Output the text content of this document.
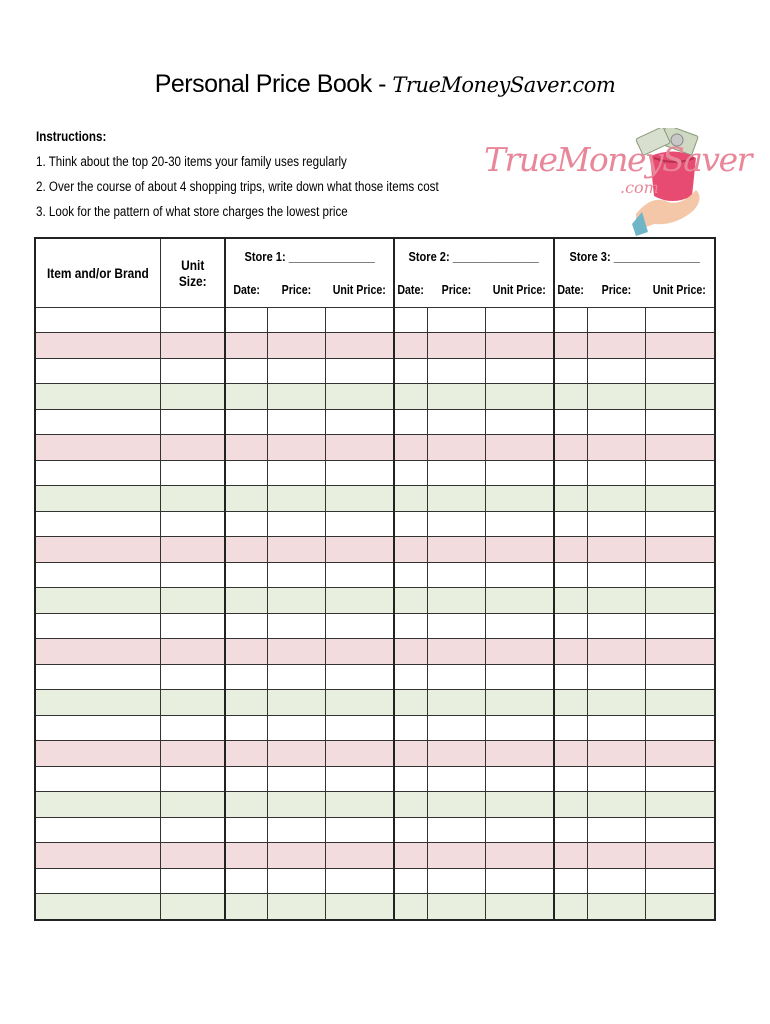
Personal Price Book - TrueMoneySaver.com
Instructions:
1. Think about the top 20-30 items your family uses regularly
2. Over the course of about 4 shopping trips, write down what those items cost
3. Look for the pattern of what store charges the lowest price
TrueMoneySaver
.com
Item and/or Brand	Unit Size:	Store 1: ______________			Store 2: ______________			Store 3: ______________		
		Date:	Price:	Unit Price:	Date:	Price:	Unit Price:	Date:	Price:	Unit Price:
